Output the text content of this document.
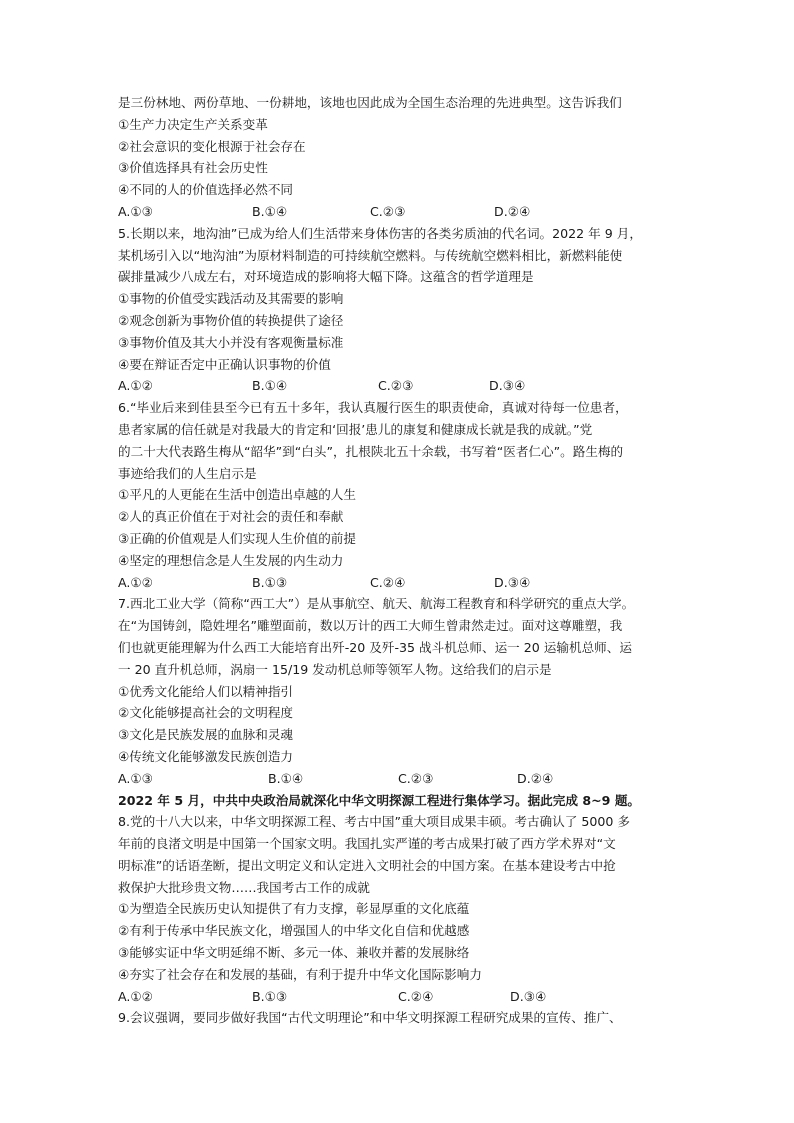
是三份林地、两份草地、一份耕地，该地也因此成为全国生态治理的先进典型。这告诉我们
①生产力决定生产关系变革
②社会意识的变化根源于社会存在
③价值选择具有社会历史性
④不同的人的价值选择必然不同
A.①③	B.①④	C.②③	D.②④
5.长期以来，地沟油”已成为给人们生活带来身体伤害的各类劣质油的代名词。2022 年 9 月，
某机场引入以“地沟油”为原材料制造的可持续航空燃料。与传统航空燃料相比，新燃料能使
碳排量减少八成左右，对环境造成的影响将大幅下降。这蕴含的哲学道理是
①事物的价值受实践活动及其需要的影响
②观念创新为事物价值的转换提供了途径
③事物价值及其大小并没有客观衡量标准
④要在辩证否定中正确认识事物的价值
A.①②	B.①④	C.②③	D.③④
6.“毕业后来到佳县至今已有五十多年，我认真履行医生的职责使命，真诚对待每一位患者，
患者家属的信任就是对我最大的肯定和‘回报’患儿的康复和健康成长就是我的成就。”党
的二十大代表路生梅从“韶华”到“白头”，扎根陕北五十余载，书写着“医者仁心”。路生梅的
事迹给我们的人生启示是
①平凡的人更能在生活中创造出卓越的人生
②人的真正价值在于对社会的责任和奉献
③正确的价值观是人们实现人生价值的前提
④坚定的理想信念是人生发展的内生动力
A.①②	B.①③	C.②④	D.③④
7.西北工业大学（简称“西工大”）是从事航空、航天、航海工程教育和科学研究的重点大学。
在“为国铸剑，隐姓埋名”雕塑面前，数以万计的西工大师生曾肃然走过。面对这尊雕塑，我
们也就更能理解为什么西工大能培育出歼-20 及歼-35 战斗机总师、运一 20 运输机总师、运
一 20 直升机总师，涡扇一 15/19 发动机总师等领军人物。这给我们的启示是
①优秀文化能给人们以精神指引
②文化能够提高社会的文明程度
③文化是民族发展的血脉和灵魂
④传统文化能够激发民族创造力
A.①③	B.①④	C.②③	D.②④
2022 年 5 月，中共中央政治局就深化中华文明探源工程进行集体学习。据此完成 8~9 题。
8.党的十八大以来，中华文明探源工程、考古中国”重大项目成果丰硕。考古确认了 5000 多
年前的良渚文明是中国第一个国家文明。我国扎实严谨的考古成果打破了西方学术界对“文
明标准”的话语垄断，提出文明定义和认定进入文明社会的中国方案。在基本建设考古中抢
救保护大批珍贵文物……我国考古工作的成就
①为塑造全民族历史认知提供了有力支撑，彰显厚重的文化底蕴
②有利于传承中华民族文化，增强国人的中华文化自信和优越感
③能够实证中华文明延绵不断、多元一体、兼收并蓄的发展脉络
④夯实了社会存在和发展的基础，有利于提升中华文化国际影响力
A.①②	B.①③	C.②④	D.③④
9.会议强调，要同步做好我国“古代文明理论”和中华文明探源工程研究成果的宣传、推广、
